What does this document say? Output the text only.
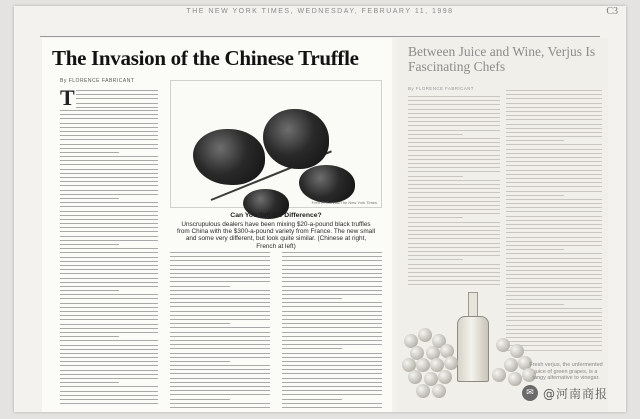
THE NEW YORK TIMES, WEDNESDAY, FEBRUARY 11, 1998	C3
The Invasion of the Chinese Truffle
By FLORENCE FABRICANT
T
Fred R. Conrad/The New York Times
Can You Tell the Difference?
Unscrupulous dealers have been mixing $20-a-pound black truffles from China with the $300-a-pound variety from France. The new small and some very different, but look quite similar. (Chinese at right, French at left)
Between Juice and Wine, Verjus Is Fascinating Chefs
By FLORENCE FABRICANT
Fresh verjus, the unfermented juice of green grapes, is a tangy alternative to vinegar.
✉ @河南商报
